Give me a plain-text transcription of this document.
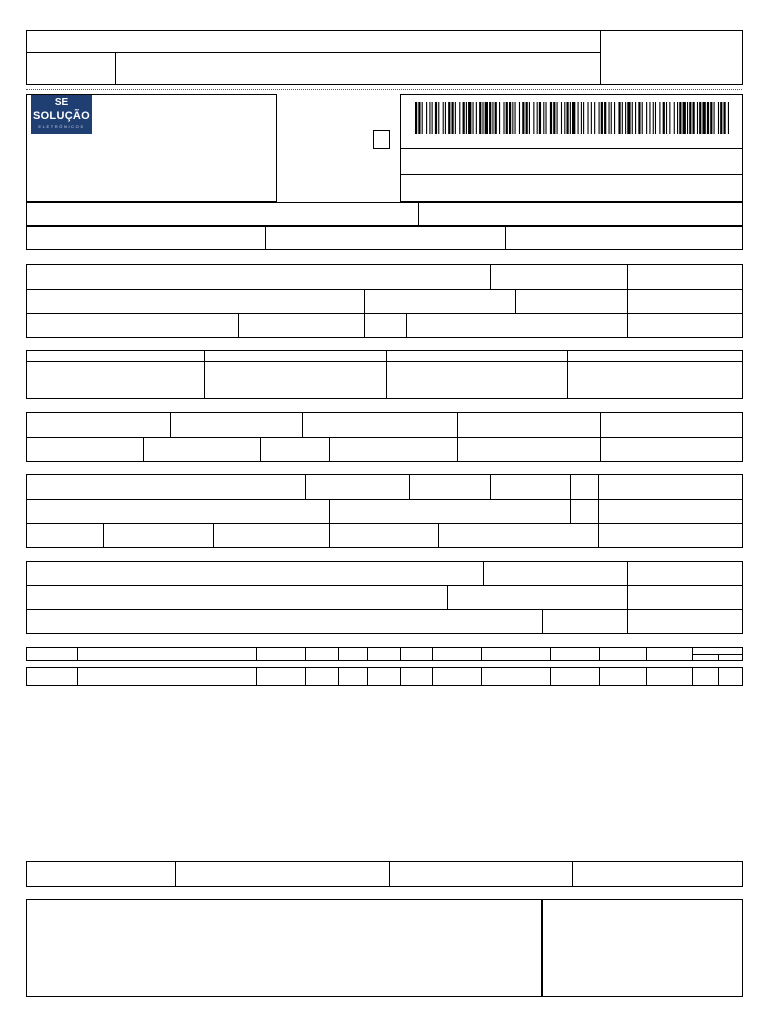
SE
SOLUÇÃO
ELETRÔNICOS
